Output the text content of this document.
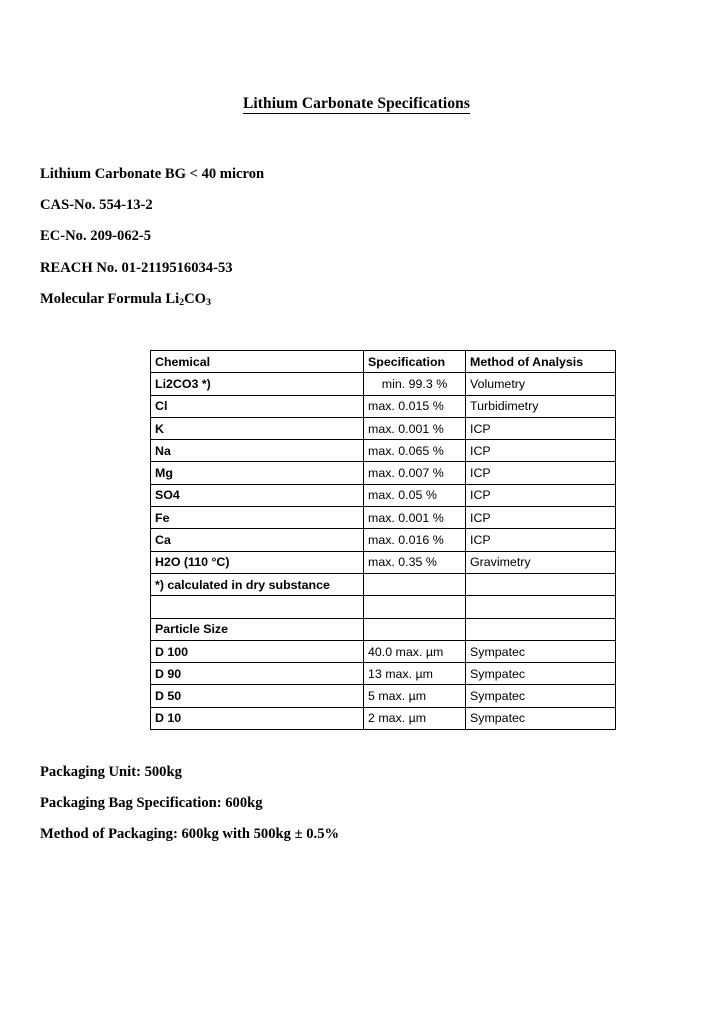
Lithium Carbonate Specifications
Lithium Carbonate BG < 40 micron
CAS-No. 554-13-2
EC-No. 209-062-5
REACH No. 01-2119516034-53
Molecular Formula $Li_2CO_3$
Chemical	Specification	Method of Analysis
Li2CO3 *)	min. 99.3 %	Volumetry
Cl	max. 0.015 %	Turbidimetry
K	max. 0.001 %	ICP
Na	max. 0.065 %	ICP
Mg	max. 0.007 %	ICP
SO4	max. 0.05 %	ICP
Fe	max. 0.001 %	ICP
Ca	max. 0.016 %	ICP
H2O (110 °C)	max. 0.35 %	Gravimetry
*) calculated in dry substance		

Particle Size		
D 100	40.0 max. µm	Sympatec
D 90	13 max. µm	Sympatec
D 50	5 max. µm	Sympatec
D 10	2 max. µm	Sympatec
Packaging Unit: 500kg
Packaging Bag Specification: 600kg
Method of Packaging: 600kg with 500kg ± 0.5%
